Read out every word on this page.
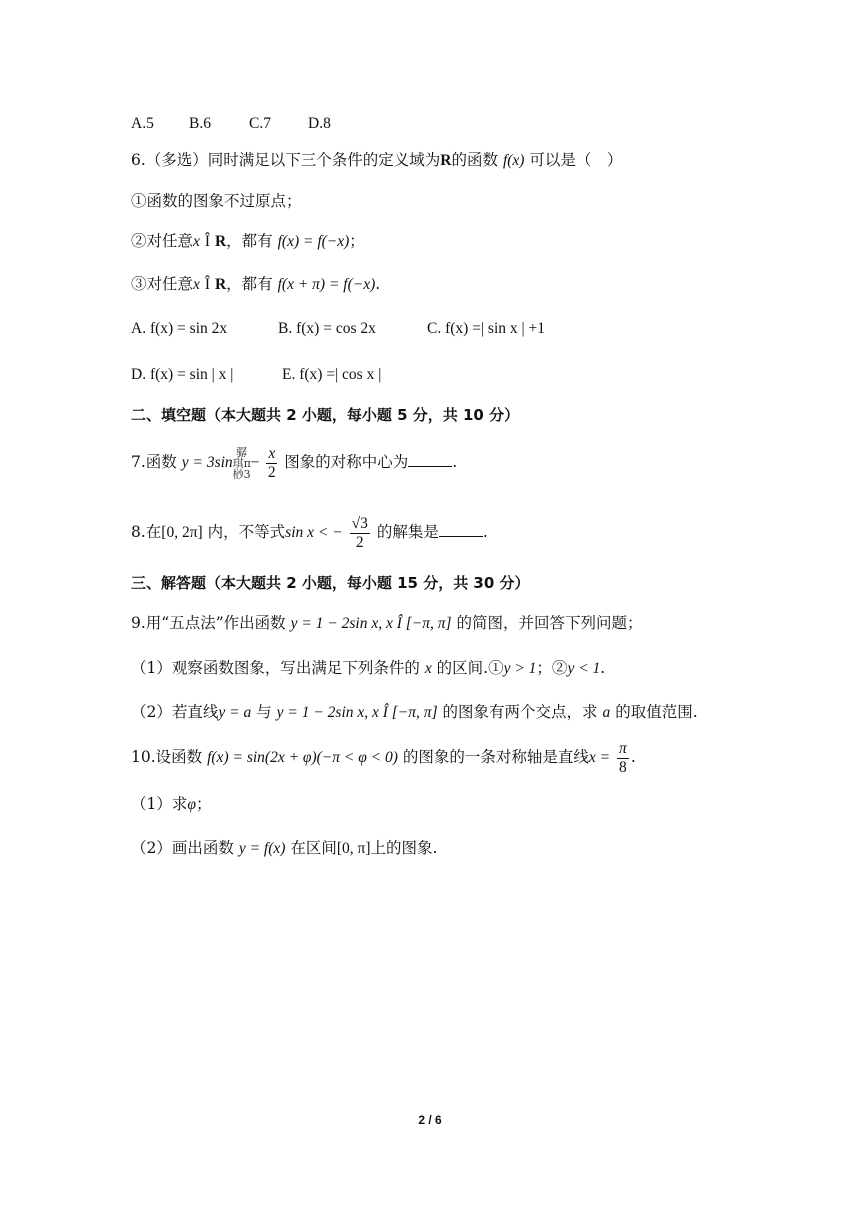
A.5 B.6 C.7 D.8
6.（多选）同时满足以下三个条件的定义域为R的函数 f(x) 可以是（　）
①函数的图象不过原点；
②对任意x Î R，都有 f(x) = f(−x)；
③对任意x Î R，都有 f(x + π) = f(−x).
A. f(x) = sin 2x	B. f(x) = cos 2x	C. f(x) =| sin x | +1
D. f(x) = sin | x |	E. f(x) =| cos x |
二、填空题（本大题共 2 小题，每小题 5 分，共 10 分）
7.函数 y = 3sin骣
琪π
桫$3- \frac{x}{2}$ 图象的对称中心为	.
8.在[0, 2π] 内，不等式sin x < − $\frac{√3}{2}$ 的解集是	.
三、解答题（本大题共 2 小题，每小题 15 分，共 30 分）
9.用“五点法”作出函数 y = 1 − 2sin x, x Î [−π, π] 的简图，并回答下列问题；
（1）观察函数图象，写出满足下列条件的 x 的区间.①y > 1；②y < 1.
（2）若直线y = a 与 y = 1 − 2sin x, x Î [−π, π] 的图象有两个交点，求 a 的取值范围.
10.设函数 f(x) = sin(2x + φ)(−π < φ < 0) 的图象的一条对称轴是直线$x = \frac{\pi}{8}$ .
（1）求φ；
（2）画出函数 y = f(x) 在区间[0, π]上的图象.
2 / 6
